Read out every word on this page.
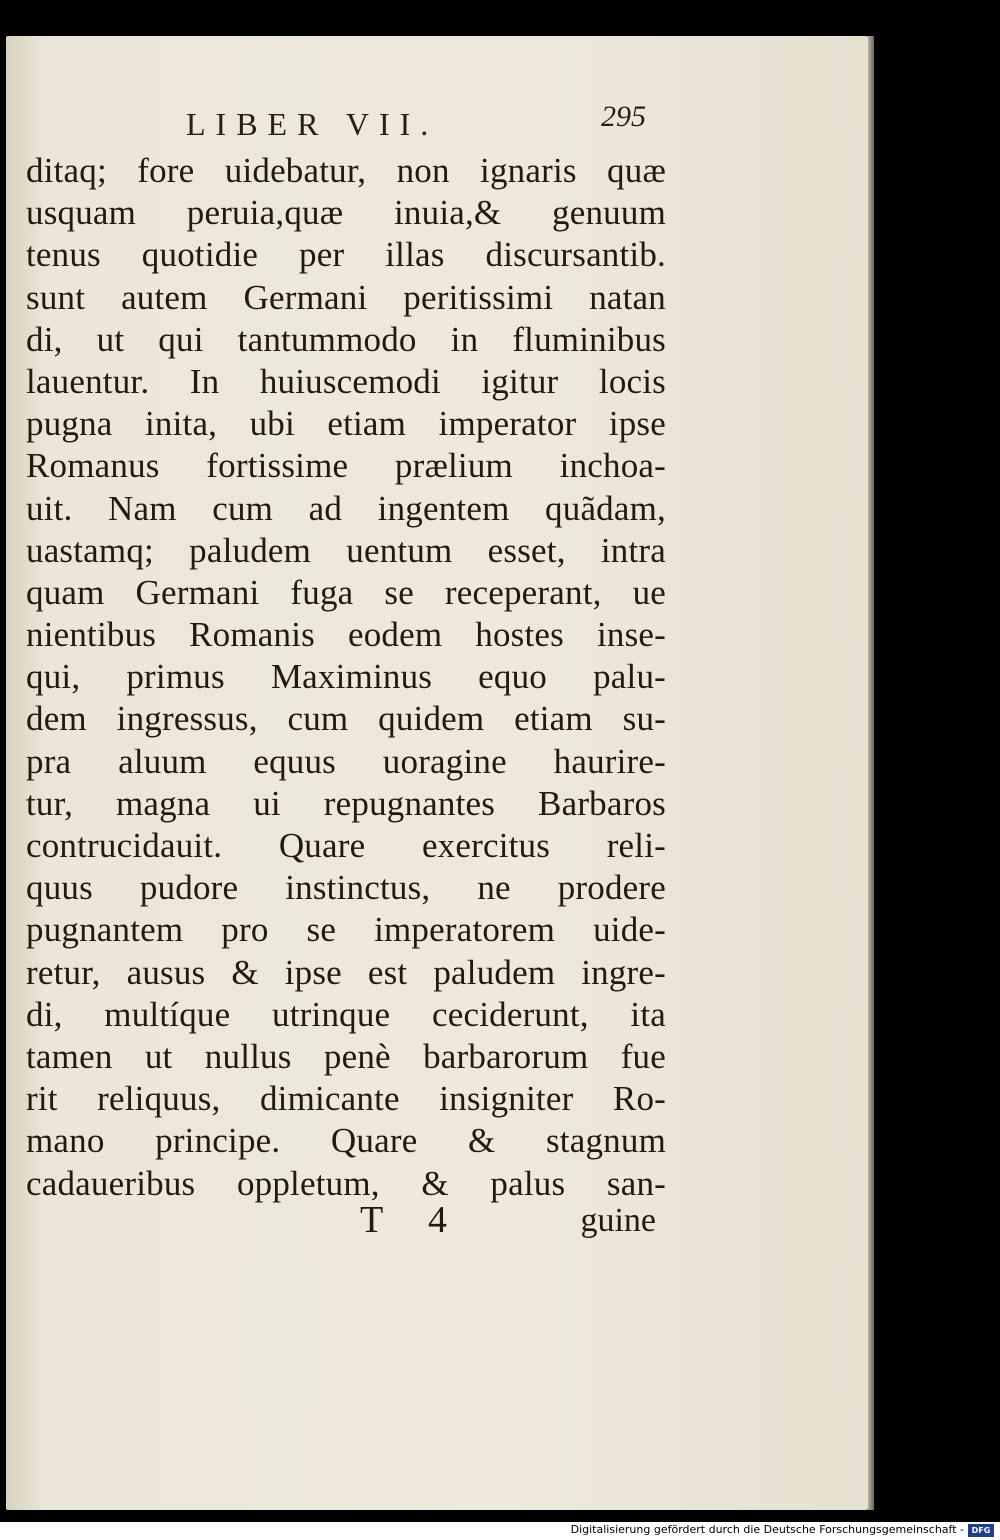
LIBER VII.	295
ditaq; fore uidebatur, non ignaris quæ
usquam peruia,quæ inuia,& genuum
tenus quotidie per illas discursantib.
sunt autem Germani peritissimi natan
di, ut qui tantummodo in fluminibus
lauentur. In huiuscemodi igitur locis
pugna inita, ubi etiam imperator ipse
Romanus fortissime prælium inchoa-
uit. Nam cum ad ingentem quãdam,
uastamq; paludem uentum esset, intra
quam Germani fuga se receperant, ue
nientibus Romanis eodem hostes inse-
qui, primus Maximinus equo palu-
dem ingressus, cum quidem etiam su-
pra aluum equus uoragine haurire-
tur, magna ui repugnantes Barbaros
contrucidauit. Quare exercitus reli-
quus pudore instinctus, ne prodere
pugnantem pro se imperatorem uide-
retur, ausus & ipse est paludem ingre-
di, multíque utrinque ceciderunt, ita
tamen ut nullus penè barbarorum fue
rit reliquus, dimicante insigniter Ro-
mano principe. Quare & stagnum
cadaueribus oppletum, & palus san-
T 4	guine
Digitalisierung gefördert durch die Deutsche Forschungsgemeinschaft - DFG
